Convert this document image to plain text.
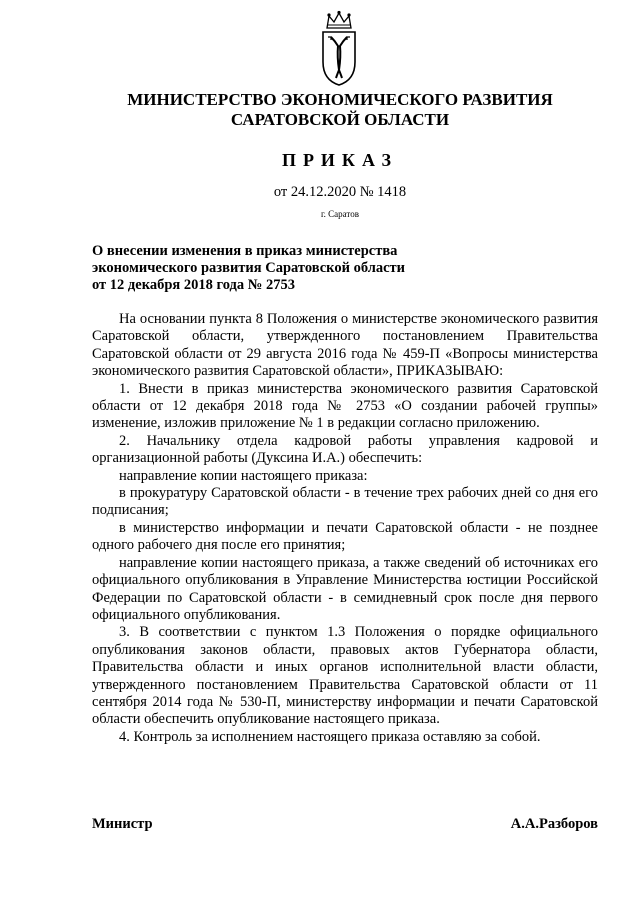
МИНИСТЕРСТВО ЭКОНОМИЧЕСКОГО РАЗВИТИЯ
САРАТОВСКОЙ ОБЛАСТИ
ПРИКАЗ
от 24.12.2020 № 1418
г. Саратов
О внесении изменения в приказ министерства
экономического развития Саратовской области
от 12 декабря 2018 года № 2753

На основании пункта 8 Положения о министерстве экономического развития Саратовской области, утвержденного постановлением Правительства Саратовской области от 29 августа 2016 года № 459-П «Вопросы министерства экономического развития Саратовской области», ПРИКАЗЫВАЮ:

1. Внести в приказ министерства экономического развития Саратовской области от 12 декабря 2018 года № 2753 «О создании рабочей группы» изменение, изложив приложение № 1 в редакции согласно приложению.

2. Начальнику отдела кадровой работы управления кадровой и организационной работы (Дуксина И.А.) обеспечить:

направление копии настоящего приказа:

в прокуратуру Саратовской области - в течение трех рабочих дней со дня его подписания;

в министерство информации и печати Саратовской области - не позднее одного рабочего дня после его принятия;

направление копии настоящего приказа, а также сведений об источниках его официального опубликования в Управление Министерства юстиции Российской Федерации по Саратовской области - в семидневный срок после дня первого официального опубликования.

3. В соответствии с пунктом 1.3 Положения о порядке официального опубликования законов области, правовых актов Губернатора области, Правительства области и иных органов исполнительной власти области, утвержденного постановлением Правительства Саратовской области от 11 сентября 2014 года № 530-П, министерству информации и печати Саратовской области обеспечить опубликование настоящего приказа.

4. Контроль за исполнением настоящего приказа оставляю за собой.

Министр	А.А.Разборов
